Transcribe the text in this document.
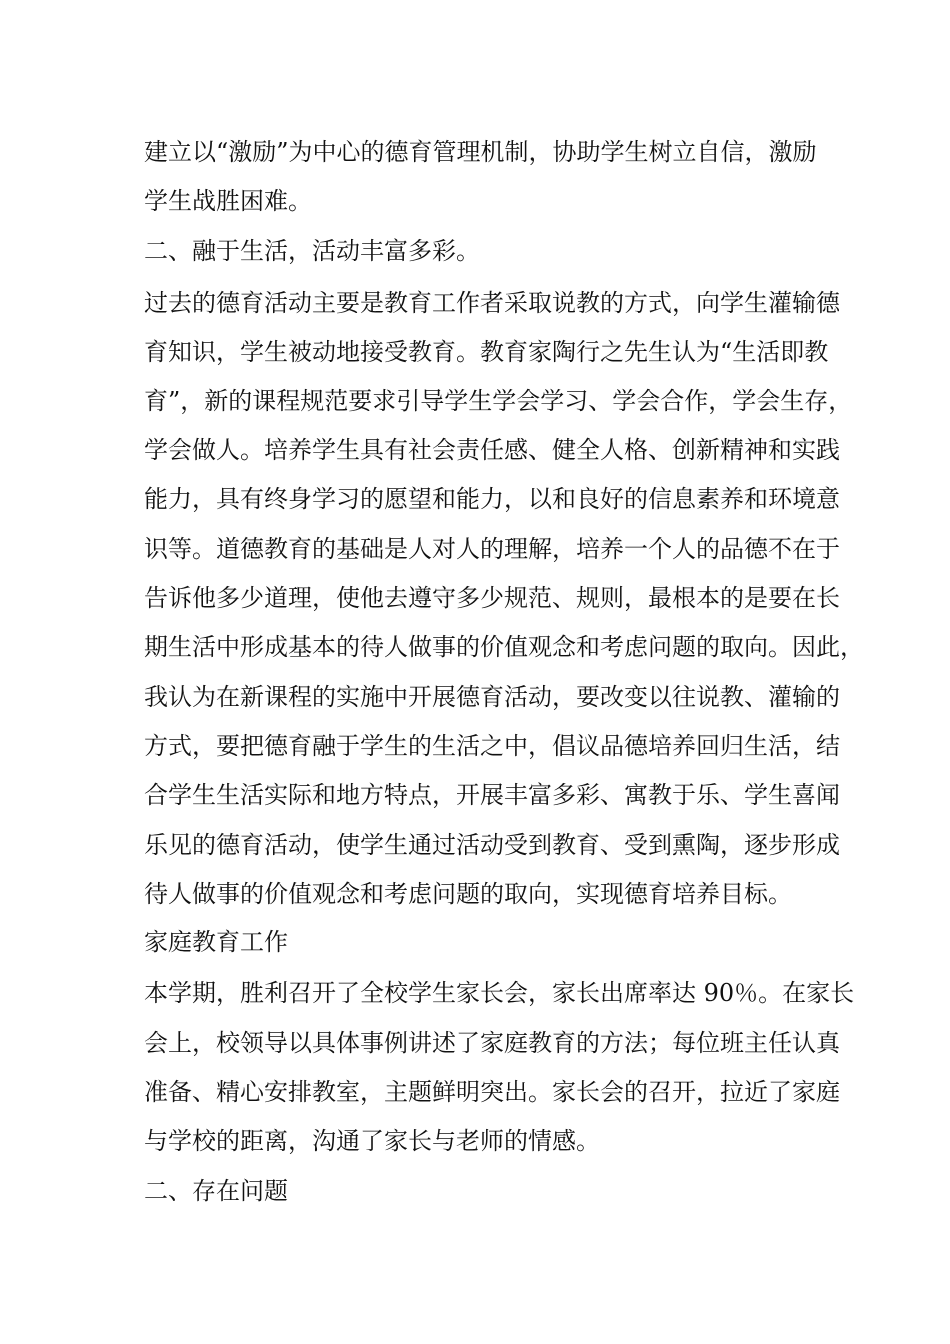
建立以“激励”为中心的德育管理机制，协助学生树立自信，激励
学生战胜困难。
二、融于生活，活动丰富多彩。
过去的德育活动主要是教育工作者采取说教的方式，向学生灌输德
育知识，学生被动地接受教育。教育家陶行之先生认为“生活即教
育”，新的课程规范要求引导学生学会学习、学会合作，学会生存，
学会做人。培养学生具有社会责任感、健全人格、创新精神和实践
能力，具有终身学习的愿望和能力，以和良好的信息素养和环境意
识等。道德教育的基础是人对人的理解，培养一个人的品德不在于
告诉他多少道理，使他去遵守多少规范、规则，最根本的是要在长
期生活中形成基本的待人做事的价值观念和考虑问题的取向。因此，
我认为在新课程的实施中开展德育活动，要改变以往说教、灌输的
方式，要把德育融于学生的生活之中，倡议品德培养回归生活，结
合学生生活实际和地方特点，开展丰富多彩、寓教于乐、学生喜闻
乐见的德育活动，使学生通过活动受到教育、受到熏陶，逐步形成
待人做事的价值观念和考虑问题的取向，实现德育培养目标。
家庭教育工作
本学期，胜利召开了全校学生家长会，家长出席率达 90％。在家长
会上，校领导以具体事例讲述了家庭教育的方法；每位班主任认真
准备、精心安排教室，主题鲜明突出。家长会的召开，拉近了家庭
与学校的距离，沟通了家长与老师的情感。
二、存在问题
